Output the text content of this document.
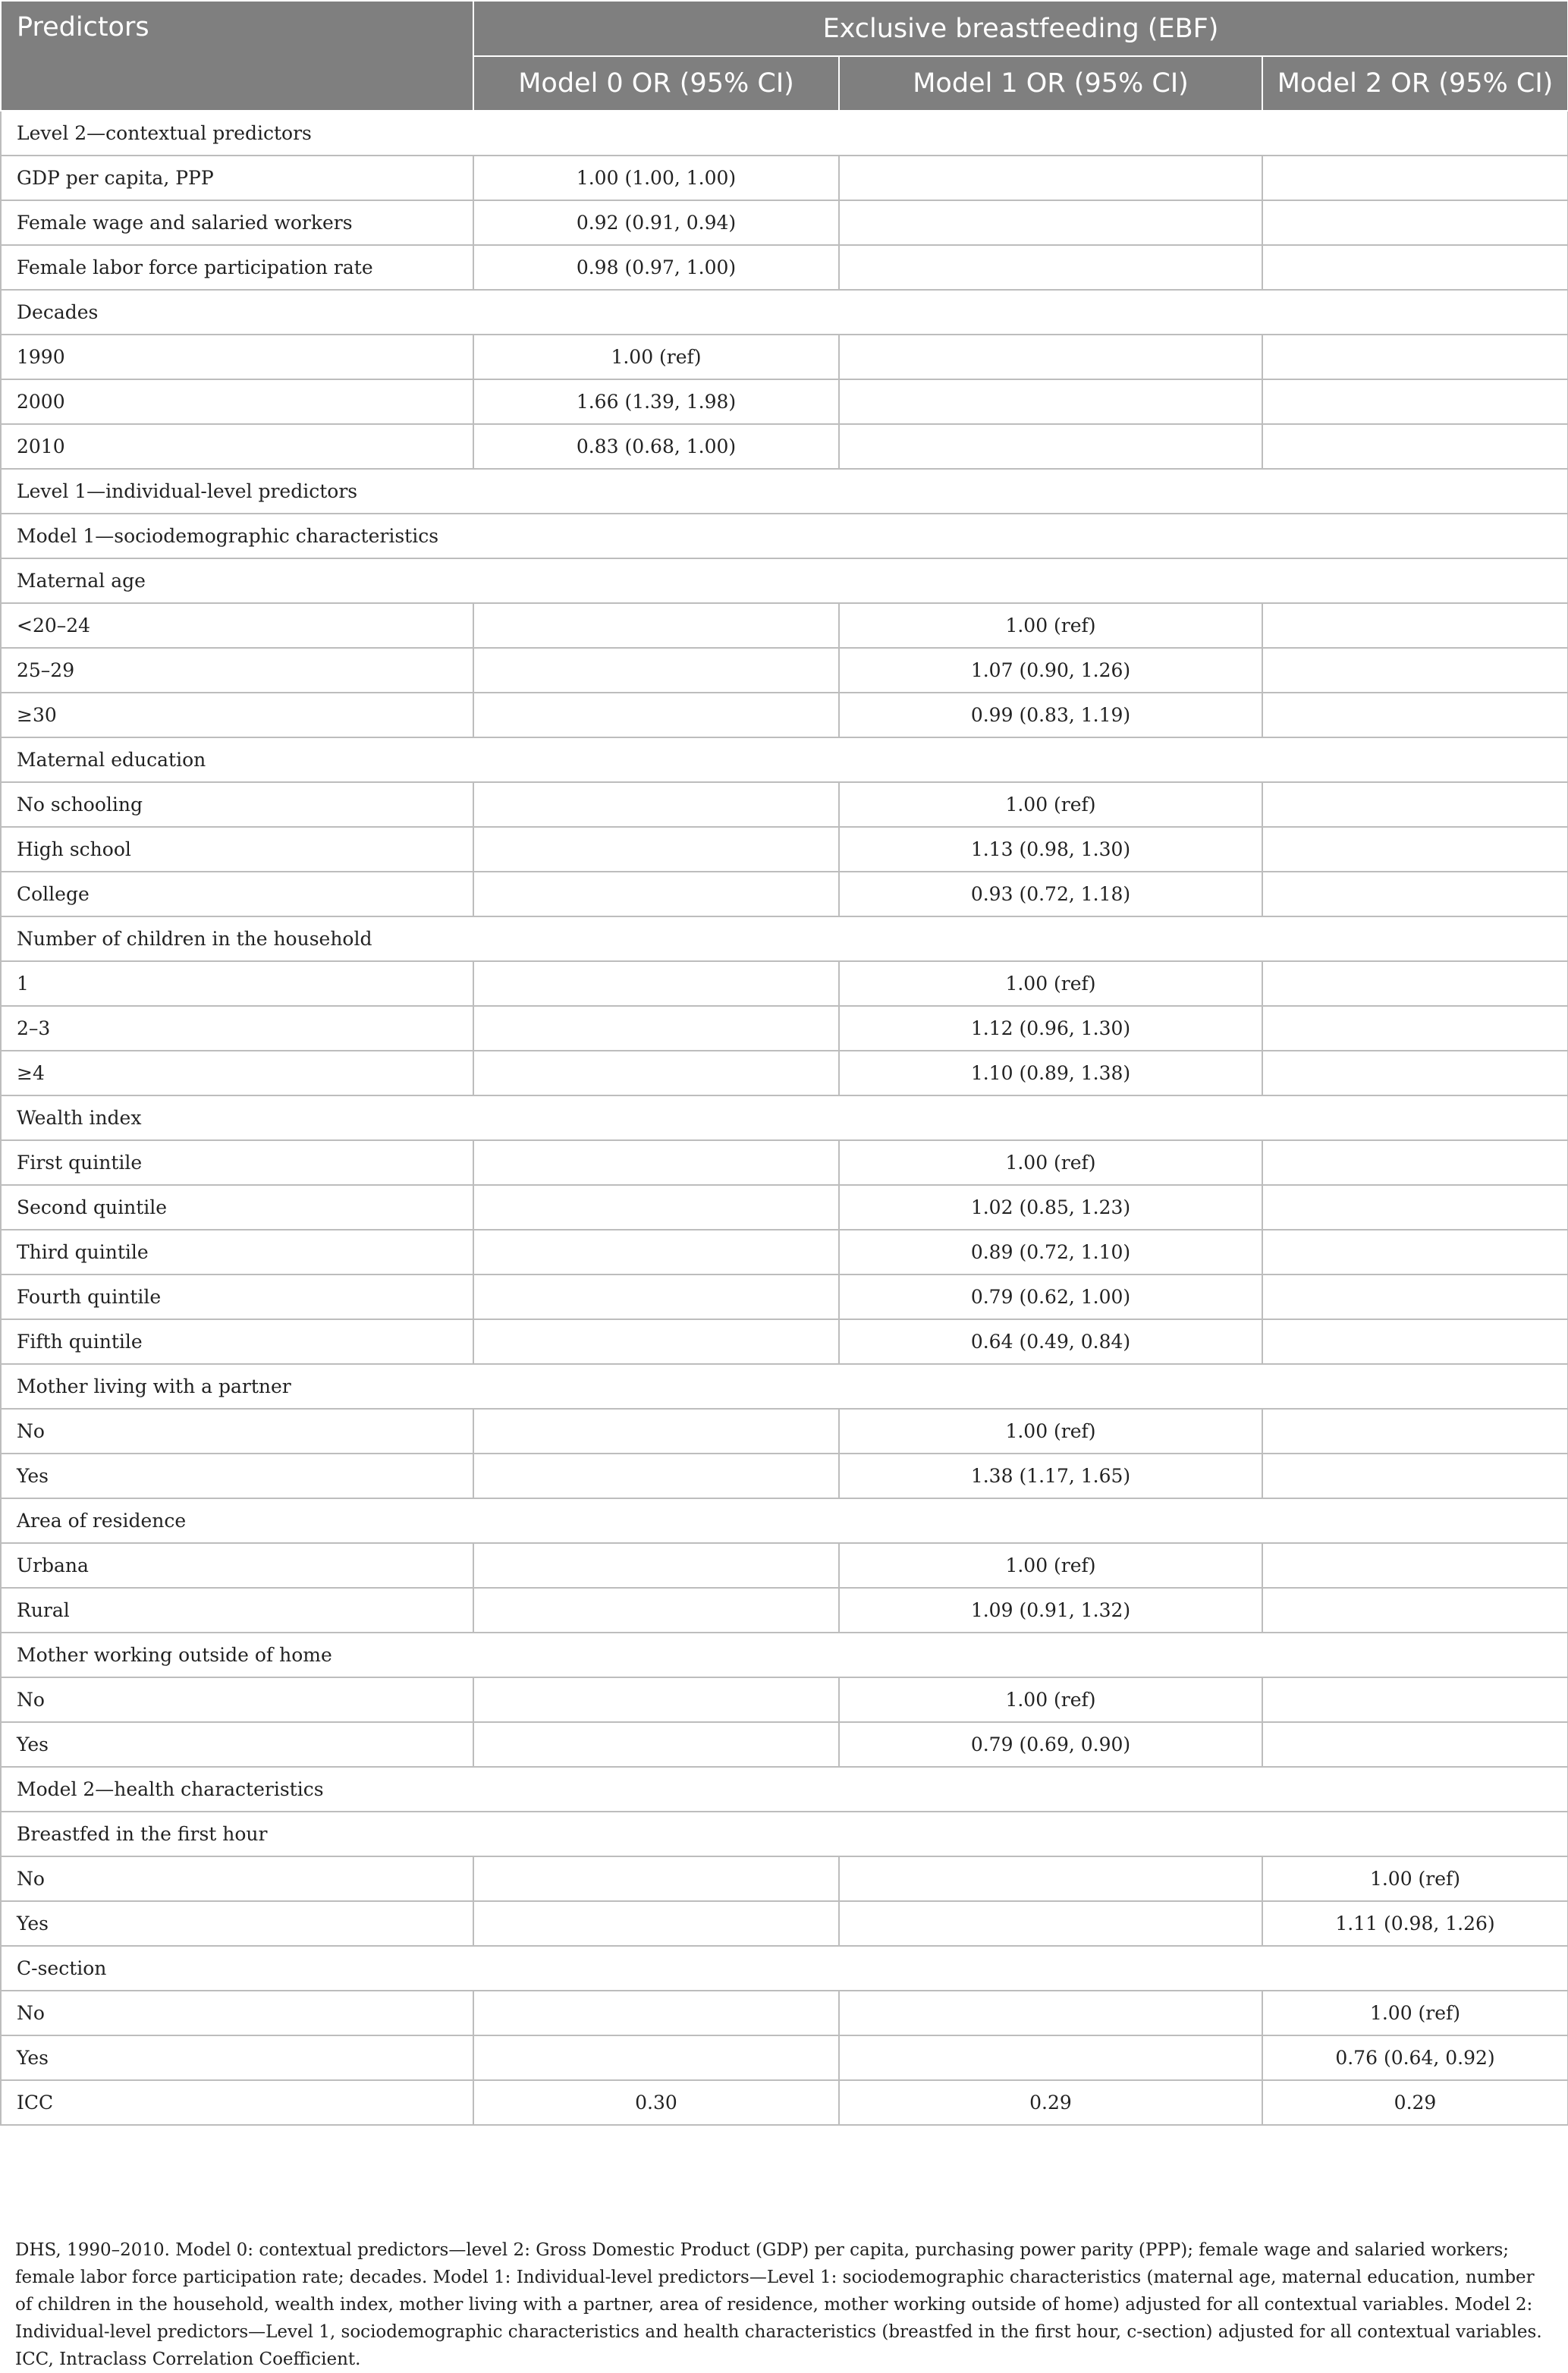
Predictors	Exclusive breastfeeding (EBF)		
	Model 0 OR (95% CI)	Model 1 OR (95% CI)	Model 2 OR (95% CI)
Level 2—contextual predictors			
GDP per capita, PPP	1.00 (1.00, 1.00)		
Female wage and salaried workers	0.92 (0.91, 0.94)		
Female labor force participation rate	0.98 (0.97, 1.00)		
Decades			
1990	1.00 (ref)		
2000	1.66 (1.39, 1.98)		
2010	0.83 (0.68, 1.00)		
Level 1—individual-level predictors			
Model 1—sociodemographic characteristics			
Maternal age			
<20–24		1.00 (ref)	
25–29		1.07 (0.90, 1.26)	
≥30		0.99 (0.83, 1.19)	
Maternal education			
No schooling		1.00 (ref)	
High school		1.13 (0.98, 1.30)	
College		0.93 (0.72, 1.18)	
Number of children in the household			
1		1.00 (ref)	
2–3		1.12 (0.96, 1.30)	
≥4		1.10 (0.89, 1.38)	
Wealth index			
First quintile		1.00 (ref)	
Second quintile		1.02 (0.85, 1.23)	
Third quintile		0.89 (0.72, 1.10)	
Fourth quintile		0.79 (0.62, 1.00)	
Fifth quintile		0.64 (0.49, 0.84)	
Mother living with a partner			
No		1.00 (ref)	
Yes		1.38 (1.17, 1.65)	
Area of residence			
Urbana		1.00 (ref)	
Rural		1.09 (0.91, 1.32)	
Mother working outside of home			
No		1.00 (ref)	
Yes		0.79 (0.69, 0.90)	
Model 2—health characteristics			
Breastfed in the first hour			
No			1.00 (ref)
Yes			1.11 (0.98, 1.26)
C-section			
No			1.00 (ref)
Yes			0.76 (0.64, 0.92)
ICC	0.30	0.29	0.29
DHS, 1990–2010. Model 0: contextual predictors—level 2: Gross Domestic Product (GDP) per capita, purchasing power parity (PPP); female wage and salaried workers; female labor force participation rate; decades. Model 1: Individual-level predictors—Level 1: sociodemographic characteristics (maternal age, maternal education, number of children in the household, wealth index, mother living with a partner, area of residence, mother working outside of home) adjusted for all contextual variables. Model 2: Individual-level predictors—Level 1, sociodemographic characteristics and health characteristics (breastfed in the first hour, c-section) adjusted for all contextual variables. ICC, Intraclass Correlation Coefficient.
